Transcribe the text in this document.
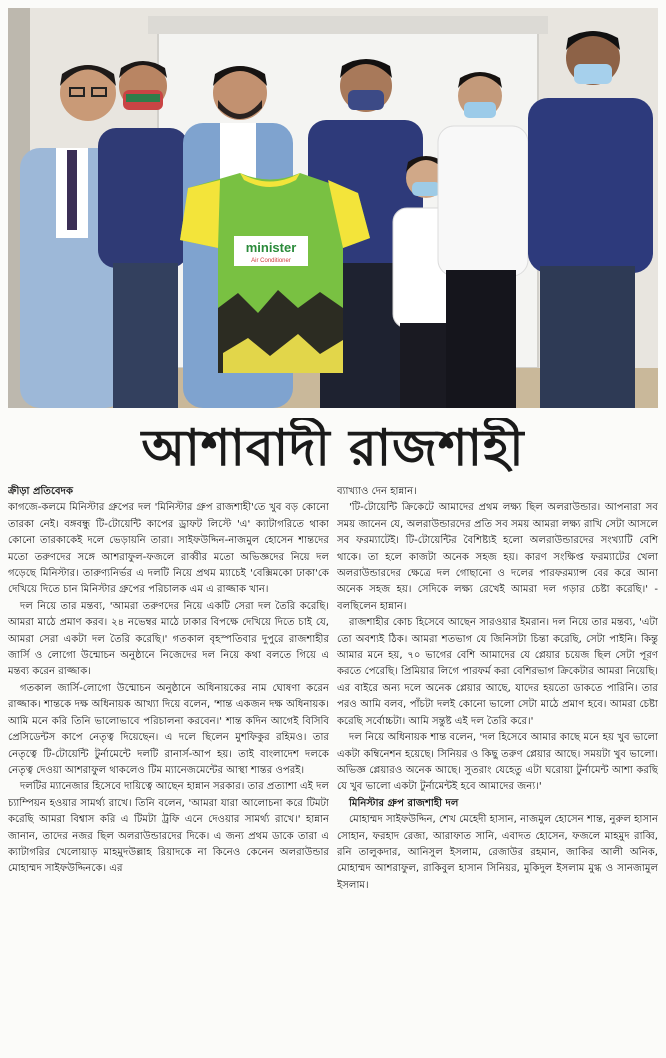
minister
Air Conditioner
আশাবাদী রাজশাহী
ক্রীড়া প্রতিবেদক

কাগজে-কলমে মিনিস্টার গ্রুপের দল 'মিনিস্টার গ্রুপ রাজশাহী'তে খুব বড় কোনো তারকা নেই। বঙ্গবন্ধু টি-টোয়েন্টি কাপের ড্রাফট লিস্টে 'এ' ক্যাটাগরিতে থাকা কোনো তারকাকেই দলে ভেড়ায়নি তারা। সাইফউদ্দিন-নাজমুল হোসেন শান্তদের মতো তরুণদের সঙ্গে আশরাফুল-ফজলে রাব্বীর মতো অভিজ্ঞদের নিয়ে দল গড়েছে মিনিস্টার। তারুণ্যনির্ভর এ দলটি নিয়ে প্রথম ম্যাচেই 'বেক্সিমকো ঢাকা'কে দেখিয়ে দিতে চান মিনিস্টার গ্রুপের পরিচালক এম এ রাজ্জাক খান।

দল নিয়ে তার মন্তব্য, 'আমরা তরুণদের নিয়ে একটি সেরা দল তৈরি করেছি। আমরা মাঠে প্রমাণ করব। ২৪ নভেম্বর মাঠে ঢাকার বিপক্ষে দেখিয়ে দিতে চাই যে, আমরা সেরা একটা দল তৈরি করেছি।' গতকাল বৃহস্পতিবার দুপুরে রাজশাহীর জার্সি ও লোগো উন্মোচন অনুষ্ঠানে নিজেদের দল নিয়ে কথা বলতে গিয়ে এ মন্তব্য করেন রাজ্জাক।

গতকাল জার্সি-লোগো উন্মোচন অনুষ্ঠানে অধিনায়কের নাম ঘোষণা করেন রাজ্জাক। শান্তকে দক্ষ অধিনায়ক আখ্যা দিয়ে বলেন, 'শান্ত একজন দক্ষ অধিনায়ক। আমি মনে করি তিনি ভালোভাবে পরিচালনা করবেন।' শান্ত কদিন আগেই বিসিবি প্রেসিডেন্টস কাপে নেতৃত্ব দিয়েছেন। এ দলে ছিলেন মুশফিকুর রহিমও। তার নেতৃত্বে টি-টোয়েন্টি টুর্নামেন্টে দলটি রানার্স-আপ হয়। তাই বাংলাদেশ দলকে নেতৃত্ব দেওয়া আশরাফুল থাকলেও টিম ম্যানেজমেন্টের আস্থা শান্তর ওপরই।

দলটির ম্যানেজার হিসেবে দায়িত্বে আছেন হান্নান সরকার। তার প্রত্যাশা এই দল চ্যাম্পিয়ন হওয়ার সামর্থ্য রাখে। তিনি বলেন, 'আমরা যারা আলোচনা করে টিমটা করেছি আমরা বিশ্বাস করি এ টিমটা ট্রফি এনে দেওয়ার সামর্থ্য রাখে।' হান্নান জানান, তাদের নজর ছিল অলরাউন্ডারদের দিকে। এ জন্য প্রথম ডাকে তারা এ ক্যাটাগরির খেলোয়াড় মাহমুদউল্লাহ রিয়াদকে না কিনেও কেনেন অলরাউন্ডার মোহাম্মদ সাইফউদ্দিনকে। এর

ব্যাখ্যাও দেন হান্নান।

'টি-টোয়েন্টি ক্রিকেটে আমাদের প্রথম লক্ষ্য ছিল অলরাউন্ডার। আপনারা সব সময় জানেন যে, অলরাউন্ডারদের প্রতি সব সময় আমরা লক্ষ্য রাখি সেটা আসলে সব ফরম্যাটেই। টি-টোয়েন্টির বৈশিষ্ট্যই হলো অলরাউন্ডারদের সংখ্যাটি বেশি থাকে। তা হলে কাজটা অনেক সহজ হয়। কারণ সংক্ষিপ্ত ফরম্যাটের খেলা অলরাউন্ডারদের ক্ষেত্রে দল গোছানো ও দলের পারফরম্যান্স বের করে আনা অনেক সহজ হয়। সেদিকে লক্ষ্য রেখেই আমরা দল গড়ার চেষ্টা করেছি।' - বলছিলেন হান্নান।

রাজশাহীর কোচ হিসেবে আছেন সারওয়ার ইমরান। দল নিয়ে তার মন্তব্য, 'এটা তো অবশ্যই ঠিক। আমরা শতভাগ যে জিনিসটা চিন্তা করেছি, সেটা পাইনি। কিন্তু আমার মনে হয়, ৭০ ভাগের বেশি আমাদের যে প্লেয়ার চয়েজ ছিল সেটা পূরণ করতে পেরেছি। প্রিমিয়ার লিগে পারফর্ম করা বেশিরভাগ ক্রিকেটার আমরা নিয়েছি। এর বাইরে অন্য দলে অনেক প্লেয়ার আছে, যাদের হয়তো ডাকতে পারিনি। তার পরও আমি বলব, পাঁচটা দলই কোনো ভালো সেটা মাঠে প্রমাণ হবে। আমরা চেষ্টা করেছি সর্বোচ্চটা। আমি সন্তুষ্ট এই দল তৈরি করে।'

দল নিয়ে অধিনায়ক শান্ত বলেন, 'দল হিসেবে আমার কাছে মনে হয় খুব ভালো একটা কম্বিনেশন হয়েছে। সিনিয়র ও কিছু তরুণ প্লেয়ার আছে। সময়টা খুব ভালো। অভিজ্ঞ প্লেয়ারও অনেক আছে। সুতরাং যেহেতু এটা ঘরোয়া টুর্নামেন্ট আশা করছি যে খুব ভালো একটা টুর্নামেন্টই হবে আমাদের জন্য।'

মিনিস্টার গ্রুপ রাজশাহী দল

মোহাম্মদ সাইফউদ্দিন, শেখ মেহেদী হাসান, নাজমুল হোসেন শান্ত, নুরুল হাসান সোহান, ফরহাদ রেজা, আরাফাত সানি, এবাদত হোসেন, ফজলে মাহমুদ রাব্বি, রনি তালুকদার, আনিসুল ইসলাম, রেজাউর রহমান, জাকির আলী অনিক, মোহাম্মদ আশরাফুল, রাকিবুল হাসান সিনিয়র, মুকিদুল ইসলাম মুগ্ধ ও সানজামুল ইসলাম।
